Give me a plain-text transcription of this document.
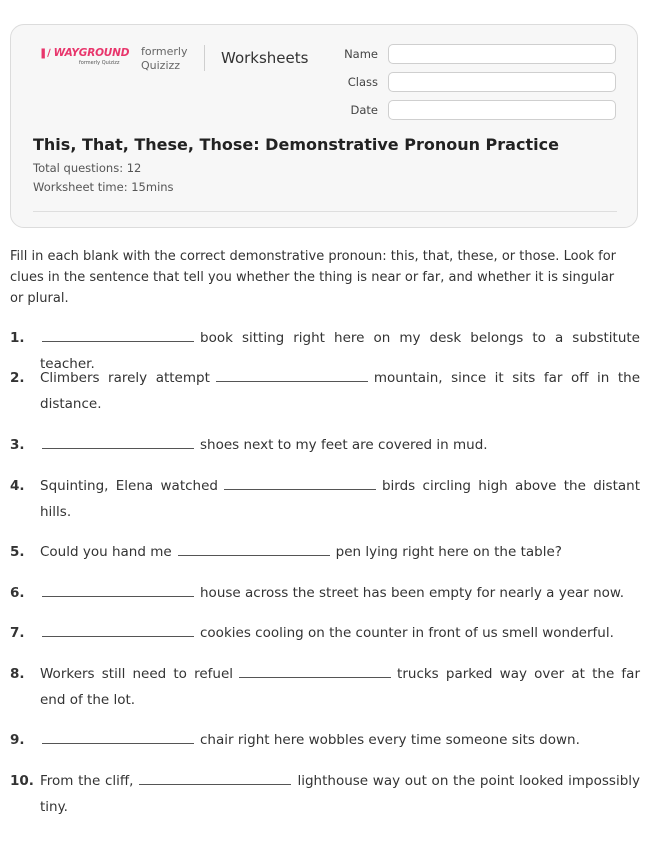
❚∕ WAYGROUND
formerly Quizizz
formerly
Quizizz	Worksheets	Name
Class
Date
This, That, These, Those: Demonstrative Pronoun Practice
Total questions: 12
Worksheet time: 15mins

Fill in each blank with the correct demonstrative pronoun: this, that, these, or those. Look for clues in the sentence that tell you whether the thing is near or far, and whether it is singular or plural.

1.	book sitting right here on my desk belongs to a substitute teacher.
2. Climbers rarely attempt	mountain, since it sits far off in the distance.
3.	shoes next to my feet are covered in mud.
4. Squinting, Elena watched	birds circling high above the distant hills.
5. Could you hand me	pen lying right here on the table?
6.	house across the street has been empty for nearly a year now.
7.	cookies cooling on the counter in front of us smell wonderful.
8. Workers still need to refuel	trucks parked way over at the far end of the lot.
9.	chair right here wobbles every time someone sits down.
10. From the cliff,	lighthouse way out on the point looked impossibly tiny.
